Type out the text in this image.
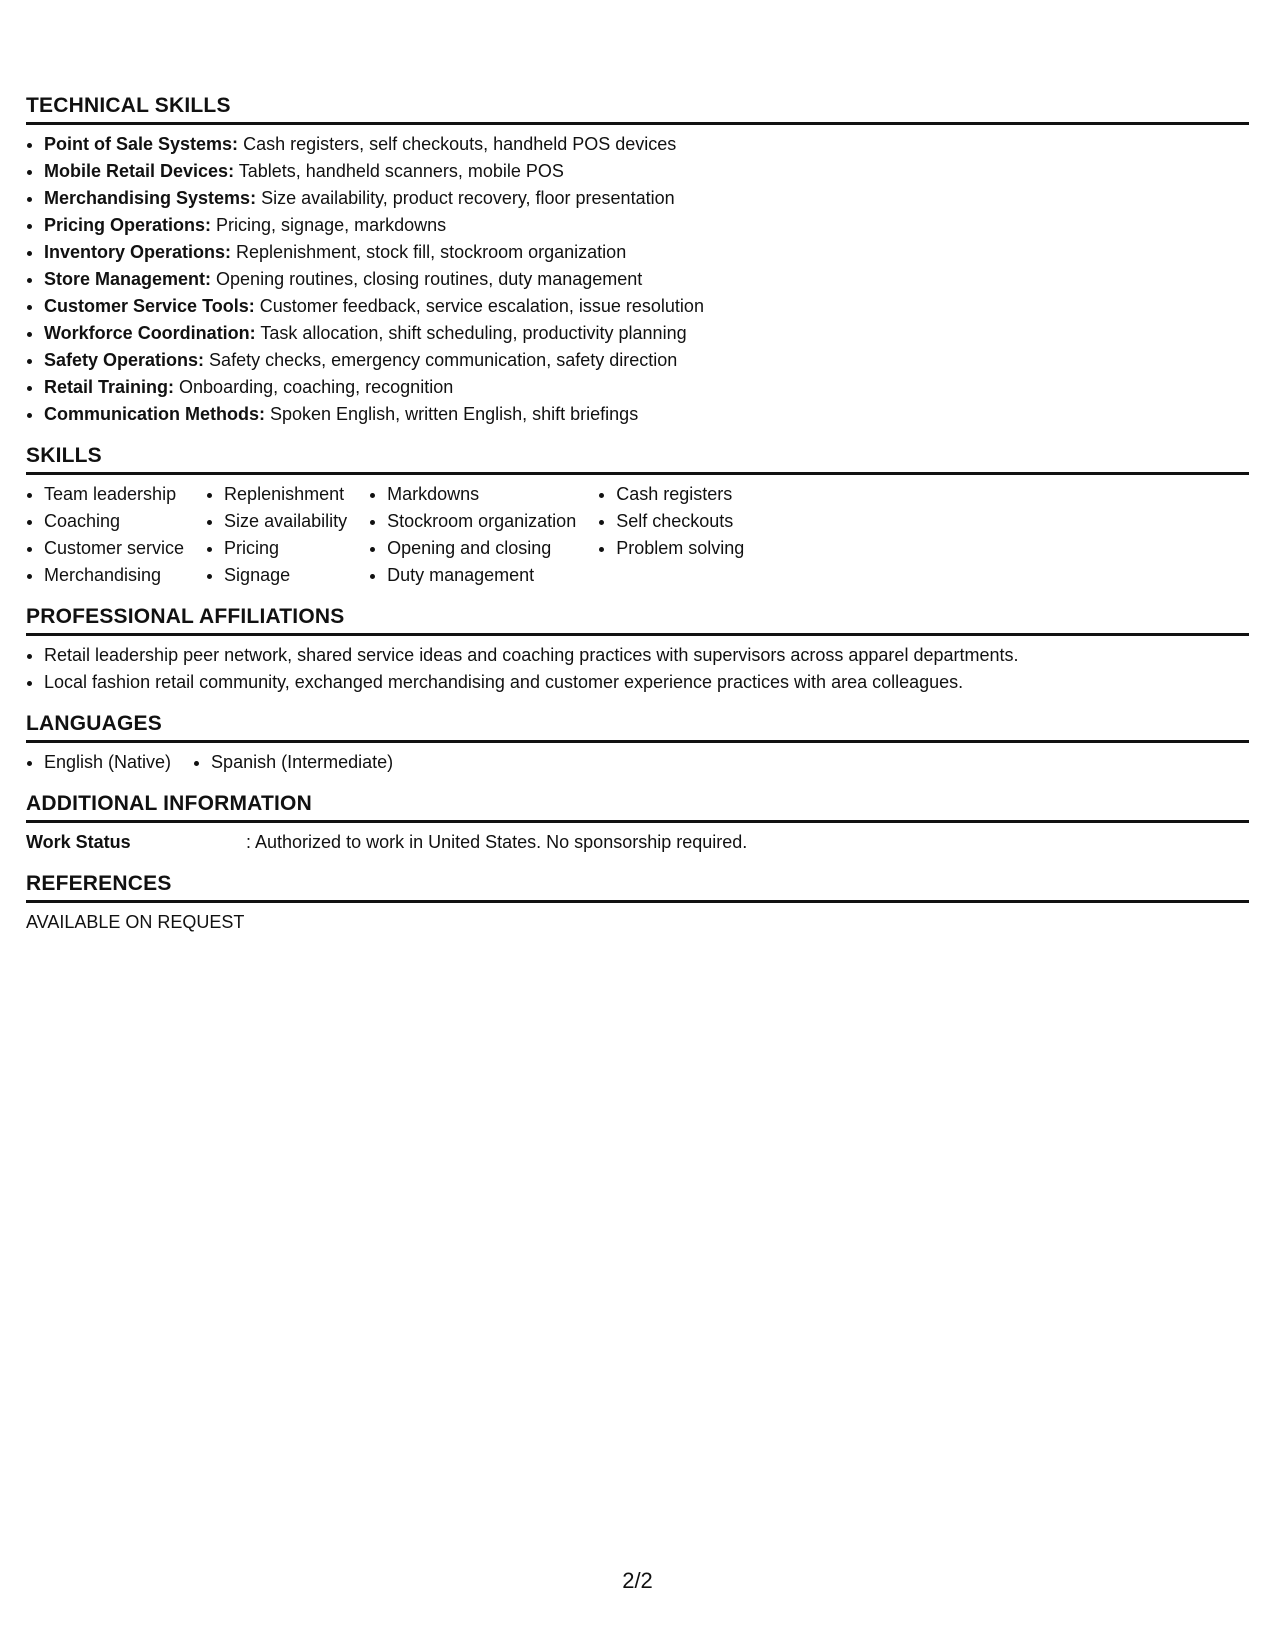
TECHNICAL SKILLS
• Point of Sale Systems: Cash registers, self checkouts, handheld POS devices
• Mobile Retail Devices: Tablets, handheld scanners, mobile POS
• Merchandising Systems: Size availability, product recovery, floor presentation
• Pricing Operations: Pricing, signage, markdowns
• Inventory Operations: Replenishment, stock fill, stockroom organization
• Store Management: Opening routines, closing routines, duty management
• Customer Service Tools: Customer feedback, service escalation, issue resolution
• Workforce Coordination: Task allocation, shift scheduling, productivity planning
• Safety Operations: Safety checks, emergency communication, safety direction
• Retail Training: Onboarding, coaching, recognition
• Communication Methods: Spoken English, written English, shift briefings
SKILLS
• Team leadership
• Coaching
• Customer service
• Merchandising
• Replenishment
• Size availability
• Pricing
• Signage
• Markdowns
• Stockroom organization
• Opening and closing
• Duty management
• Cash registers
• Self checkouts
• Problem solving
PROFESSIONAL AFFILIATIONS
• Retail leadership peer network, shared service ideas and coaching practices with supervisors across apparel departments.
• Local fashion retail community, exchanged merchandising and customer experience practices with area colleagues.
LANGUAGES
• English (Native)
• Spanish (Intermediate)
ADDITIONAL INFORMATION
Work Status	: Authorized to work in United States. No sponsorship required.
REFERENCES
AVAILABLE ON REQUEST
2/2
